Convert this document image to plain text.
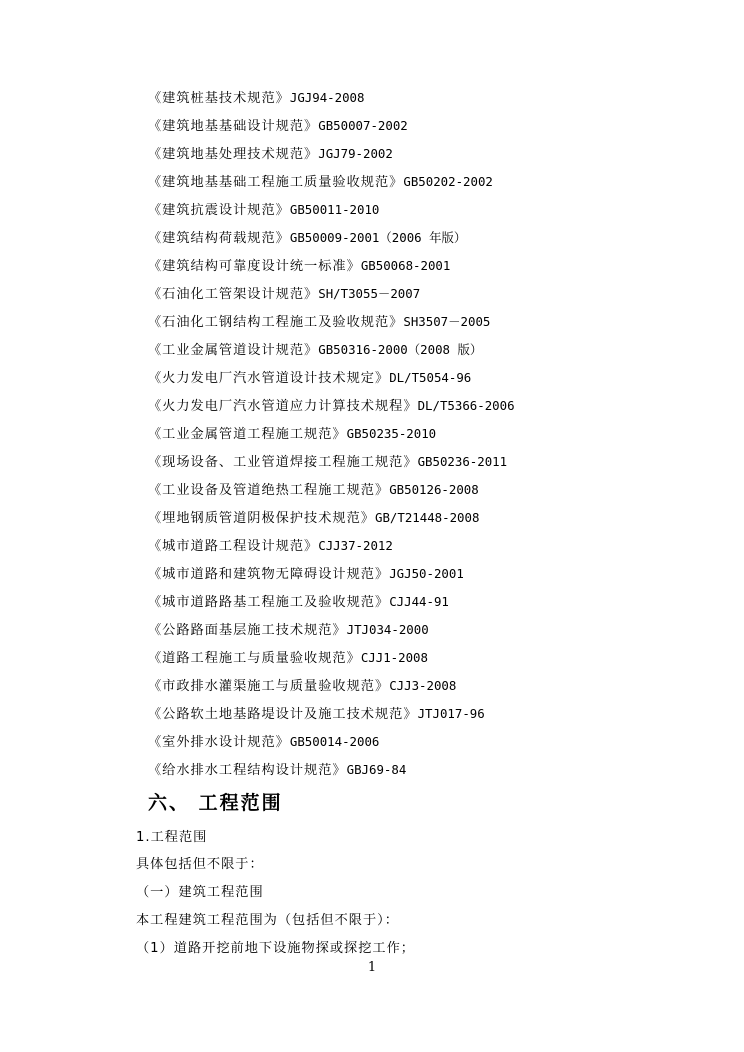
《建筑桩基技术规范》JGJ94-2008
《建筑地基基础设计规范》GB50007-2002
《建筑地基处理技术规范》JGJ79-2002
《建筑地基基础工程施工质量验收规范》GB50202-2002
《建筑抗震设计规范》GB50011-2010
《建筑结构荷载规范》GB50009-2001（2006 年版）
《建筑结构可靠度设计统一标准》GB50068-2001
《石油化工管架设计规范》SH/T3055－2007
《石油化工钢结构工程施工及验收规范》SH3507－2005
《工业金属管道设计规范》GB50316-2000（2008 版）
《火力发电厂汽水管道设计技术规定》DL/T5054-96
《火力发电厂汽水管道应力计算技术规程》DL/T5366-2006
《工业金属管道工程施工规范》GB50235-2010
《现场设备、工业管道焊接工程施工规范》GB50236-2011
《工业设备及管道绝热工程施工规范》GB50126-2008
《埋地钢质管道阴极保护技术规范》GB/T21448-2008
《城市道路工程设计规范》CJJ37-2012
《城市道路和建筑物无障碍设计规范》JGJ50-2001
《城市道路路基工程施工及验收规范》CJJ44-91
《公路路面基层施工技术规范》JTJ034-2000
《道路工程施工与质量验收规范》CJJ1-2008
《市政排水灌渠施工与质量验收规范》CJJ3-2008
《公路软土地基路堤设计及施工技术规范》JTJ017-96
《室外排水设计规范》GB50014-2006
《给水排水工程结构设计规范》GBJ69-84
六、 工程范围
1.工程范围
具体包括但不限于：
（一）建筑工程范围
本工程建筑工程范围为（包括但不限于）：
（1）道路开挖前地下设施物探或探挖工作；
1
